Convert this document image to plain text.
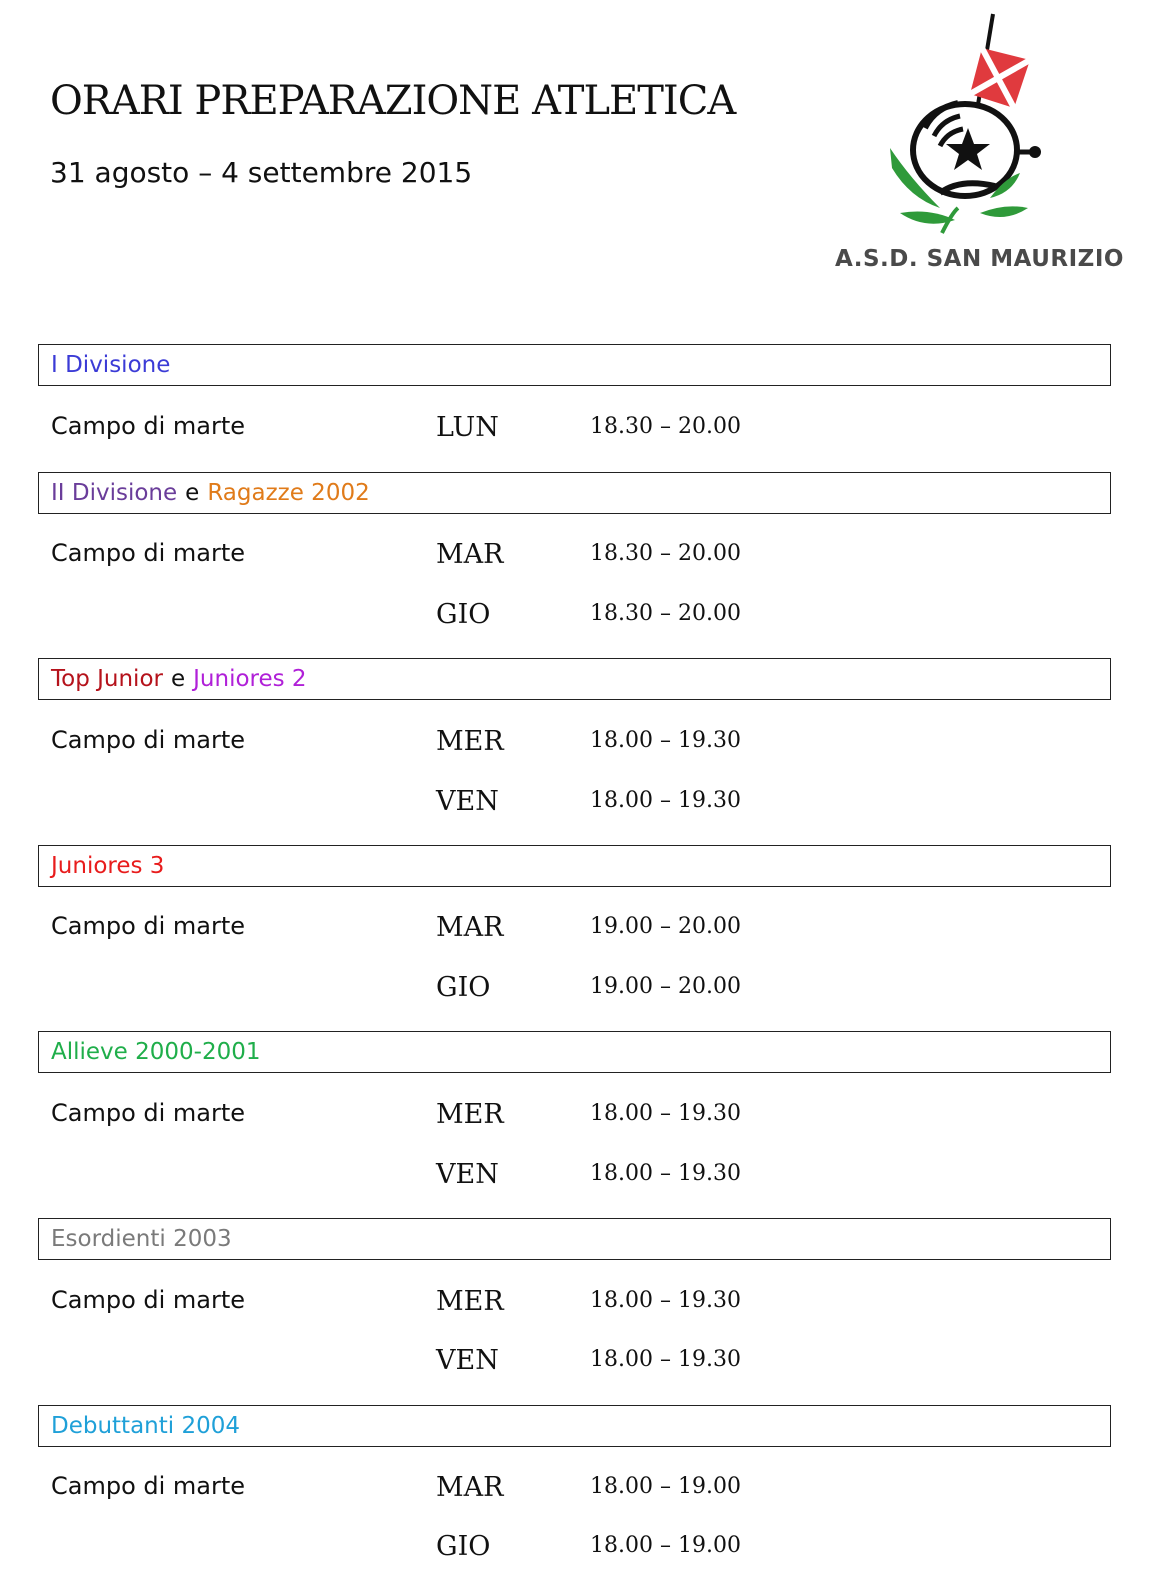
ORARI PREPARAZIONE ATLETICA
31 agosto – 4 settembre 2015
A.S.D. SAN MAURIZIO
I Divisione
Campo di marte	LUN	18.30 – 20.00
II Divisione e Ragazze 2002
Campo di marte	MAR	18.30 – 20.00
GIO	18.30 – 20.00
Top Junior e Juniores 2
Campo di marte	MER	18.00 – 19.30
VEN	18.00 – 19.30
Juniores 3
Campo di marte	MAR	19.00 – 20.00
GIO	19.00 – 20.00
Allieve 2000-2001
Campo di marte	MER	18.00 – 19.30
VEN	18.00 – 19.30
Esordienti 2003
Campo di marte	MER	18.00 – 19.30
VEN	18.00 – 19.30
Debuttanti 2004
Campo di marte	MAR	18.00 – 19.00
GIO	18.00 – 19.00
